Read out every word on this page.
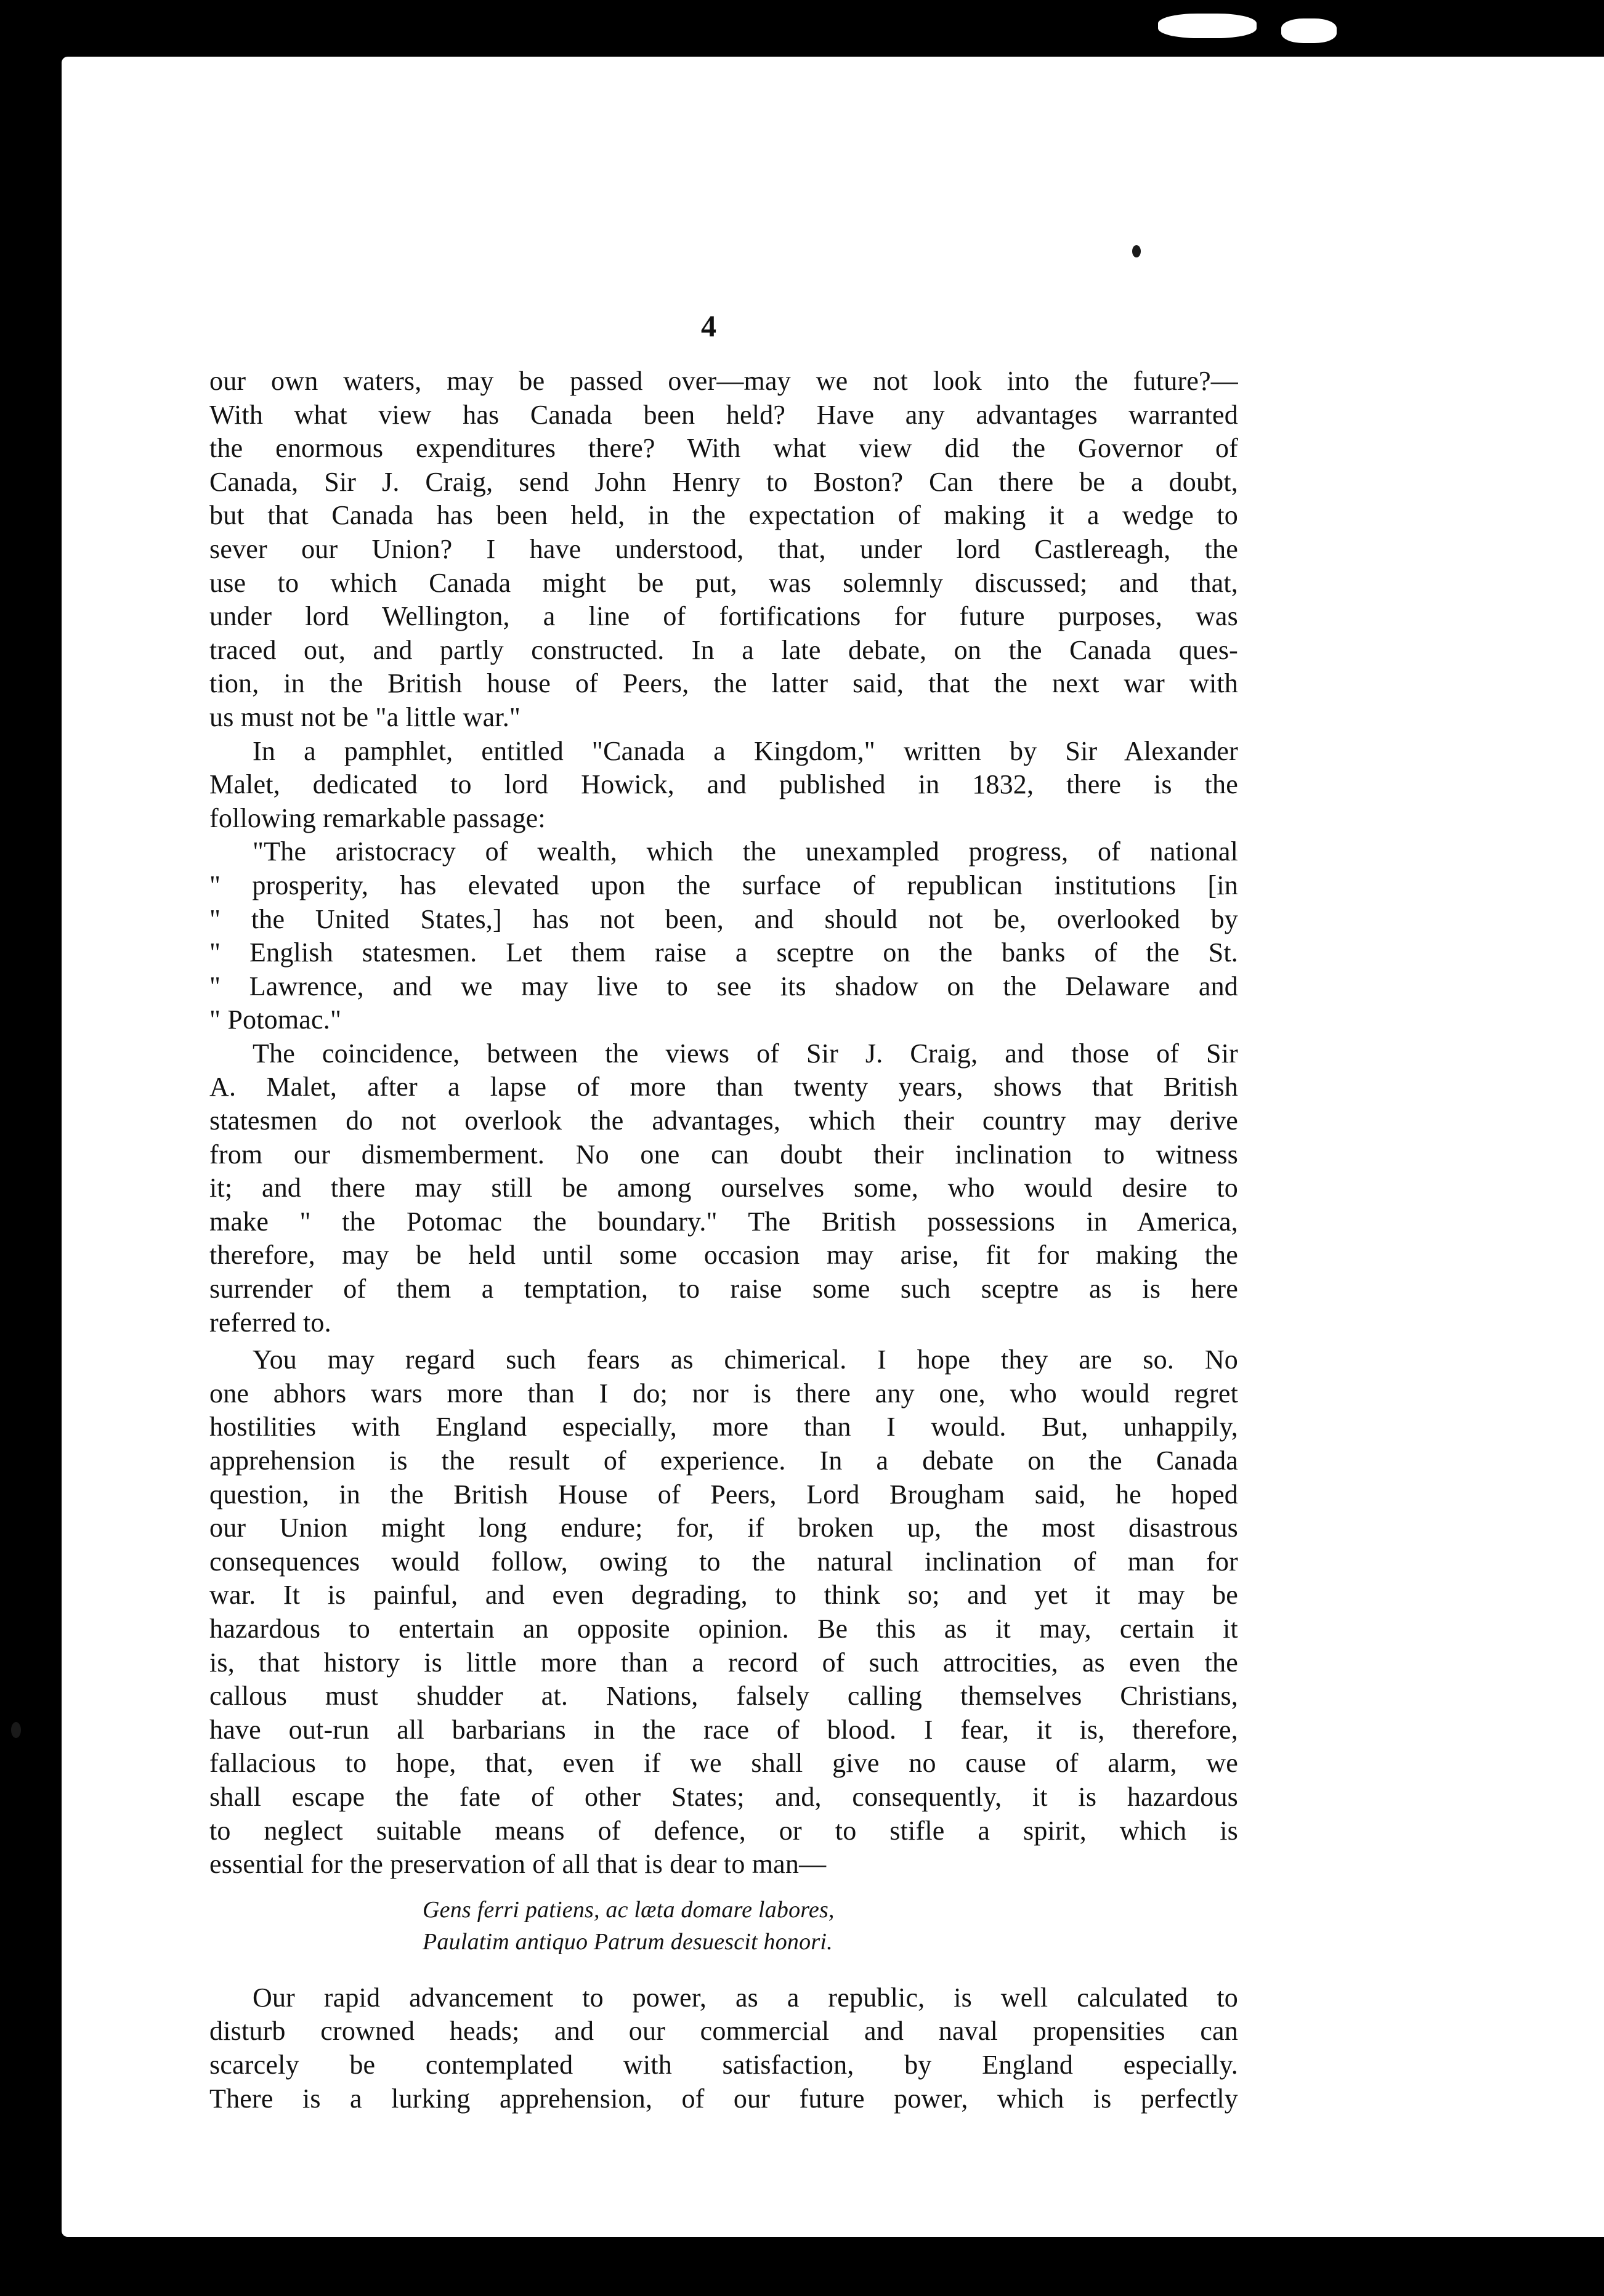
4
our own waters, may be passed over—may we not look into the future?—
With what view has Canada been held? Have any advantages warranted
the enormous expenditures there? With what view did the Governor of
Canada, Sir J. Craig, send John Henry to Boston? Can there be a doubt,
but that Canada has been held, in the expectation of making it a wedge to
sever our Union? I have understood, that, under lord Castlereagh, the
use to which Canada might be put, was solemnly discussed; and that,
under lord Wellington, a line of fortifications for future purposes, was
traced out, and partly constructed. In a late debate, on the Canada ques-
tion, in the British house of Peers, the latter said, that the next war with
us must not be "a little war."
In a pamphlet, entitled "Canada a Kingdom," written by Sir Alexander
Malet, dedicated to lord Howick, and published in 1832, there is the
following remarkable passage:
"The aristocracy of wealth, which the unexampled progress, of national
" prosperity, has elevated upon the surface of republican institutions [in
" the United States,] has not been, and should not be, overlooked by
" English statesmen. Let them raise a sceptre on the banks of the St.
" Lawrence, and we may live to see its shadow on the Delaware and
" Potomac."
The coincidence, between the views of Sir J. Craig, and those of Sir
A. Malet, after a lapse of more than twenty years, shows that British
statesmen do not overlook the advantages, which their country may derive
from our dismemberment. No one can doubt their inclination to witness
it; and there may still be among ourselves some, who would desire to
make " the Potomac the boundary." The British possessions in America,
therefore, may be held until some occasion may arise, fit for making the
surrender of them a temptation, to raise some such sceptre as is here
referred to.
You may regard such fears as chimerical. I hope they are so. No
one abhors wars more than I do; nor is there any one, who would regret
hostilities with England especially, more than I would. But, unhappily,
apprehension is the result of experience. In a debate on the Canada
question, in the British House of Peers, Lord Brougham said, he hoped
our Union might long endure; for, if broken up, the most disastrous
consequences would follow, owing to the natural inclination of man for
war. It is painful, and even degrading, to think so; and yet it may be
hazardous to entertain an opposite opinion. Be this as it may, certain it
is, that history is little more than a record of such attrocities, as even the
callous must shudder at. Nations, falsely calling themselves Christians,
have out-run all barbarians in the race of blood. I fear, it is, therefore,
fallacious to hope, that, even if we shall give no cause of alarm, we
shall escape the fate of other States; and, consequently, it is hazardous
to neglect suitable means of defence, or to stifle a spirit, which is
essential for the preservation of all that is dear to man—
Gens ferri patiens, ac læta domare labores,
Paulatim antiquo Patrum desuescit honori.
Our rapid advancement to power, as a republic, is well calculated to
disturb crowned heads; and our commercial and naval propensities can
scarcely be contemplated with satisfaction, by England especially.
There is a lurking apprehension, of our future power, which is perfectly
